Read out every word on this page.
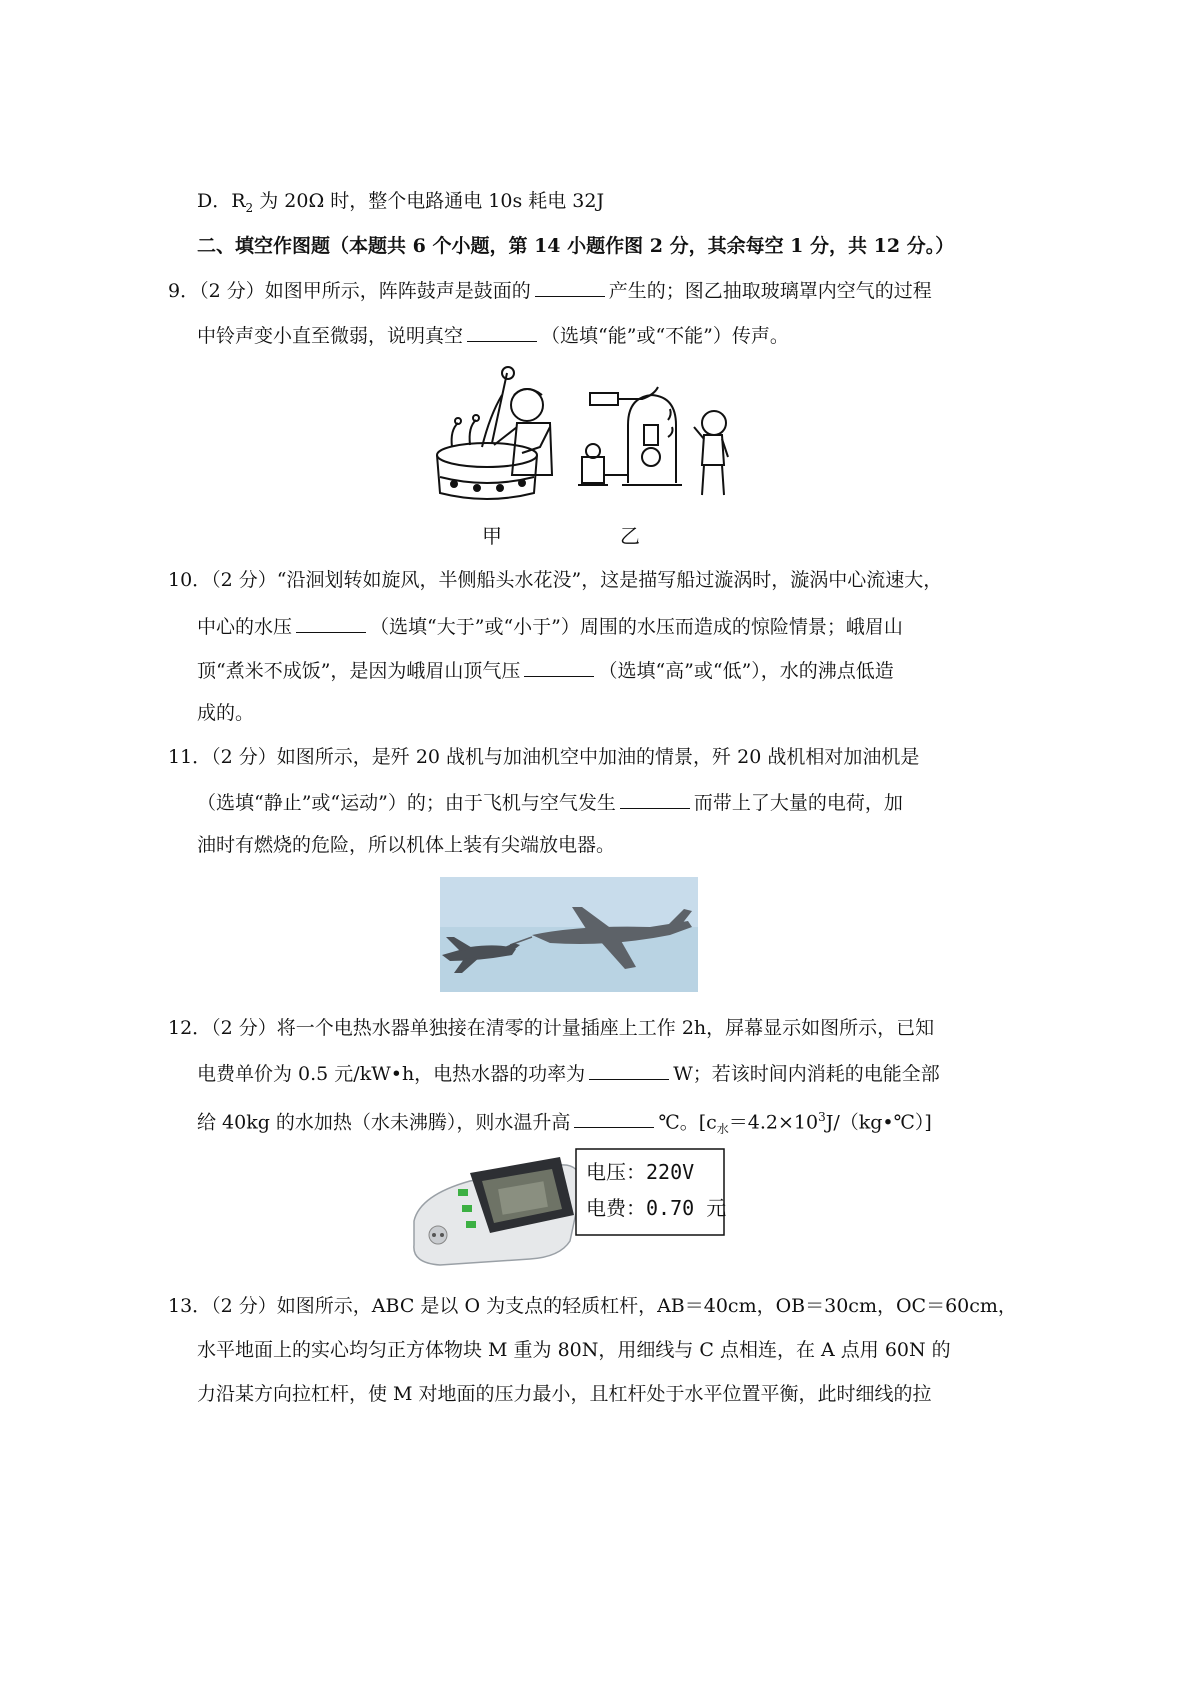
D．$R_2$ 为 20Ω 时，整个电路通电 10s 耗电 32J
二、填空作图题（本题共 6 个小题，第 14 小题作图 2 分，其余每空 1 分，共 12 分。）
9．（2 分）如图甲所示，阵阵鼓声是鼓面的	产生的；图乙抽取玻璃罩内空气的过程
中铃声变小直至微弱，说明真空	（选填“能”或“不能”）传声。
甲	乙
10．（2 分）“沿洄划转如旋风，半侧船头水花没”，这是描写船过漩涡时，漩涡中心流速大，
中心的水压	（选填“大于”或“小于”）周围的水压而造成的惊险情景；峨眉山
顶“煮米不成饭”，是因为峨眉山顶气压	（选填“高”或“低”），水的沸点低造
成的。
11．（2 分）如图所示，是歼 20 战机与加油机空中加油的情景，歼 20 战机相对加油机是
（选填“静止”或“运动”）的；由于飞机与空气发生	而带上了大量的电荷，加
油时有燃烧的危险，所以机体上装有尖端放电器。
12．（2 分）将一个电热水器单独接在清零的计量插座上工作 2h，屏幕显示如图所示，已知
电费单价为 0.5 元/kW•h，电热水器的功率为	W；若该时间内消耗的电能全部
给 40kg 的水加热（水未沸腾），则水温升高	℃。$[c_水=4.2\times 10^3J/(kg•℃)]$
电压：220V
电费：0.70 元
13．（2 分）如图所示，ABC 是以 O 为支点的轻质杠杆，AB＝40cm，OB＝30cm，OC＝60cm，
水平地面上的实心均匀正方体物块 M 重为 80N，用细线与 C 点相连，在 A 点用 60N 的
力沿某方向拉杠杆，使 M 对地面的压力最小，且杠杆处于水平位置平衡，此时细线的拉
